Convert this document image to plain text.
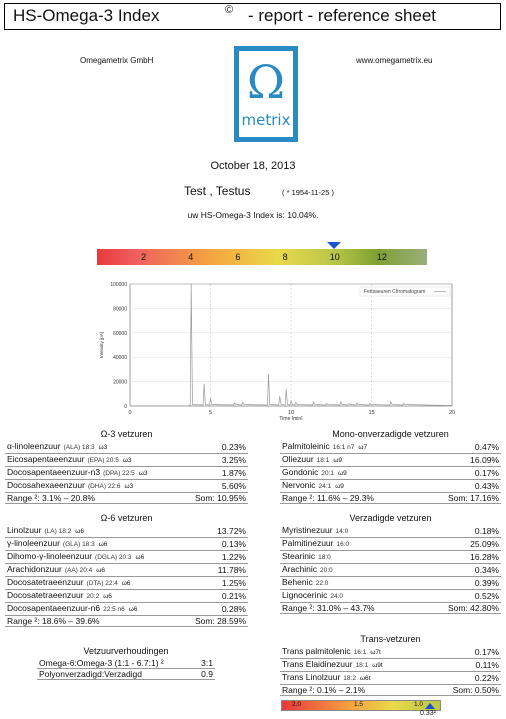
HS-Omega-3 Index	© - report - reference sheet
Omegametrix GmbH	www.omegametrix.eu
Ω
metrix
October 18, 2013
Test , Testus	( * 1954-11-25 )
uw HS-Omega-3 Index is: 10.04%.
2	4	6	8	10	12
0
20000
40000
60000
80000
100000
0	5	10	15	20
Time [min]
Intensity [pA]
Fettsaeuren Chromatogram
Ω-3 vetzuren
α-linoleenzuur (ALA) 18:3 ω3	0.23%
Eicosapentaeenzuur (EPA) 20:5 ω3	3.25%
Docosapentaeenzuur-n3 (DPA) 22:5 ω3	1.87%
Docosahexaeenzuur (DHA) 22:6 ω3	5.60%
Range ²: 3.1% – 20.8%	Som: 10.95%
Mono-onverzadigde vetzuren
Palmitoleinic 16:1 n7 ω7	0.47%
Oliezuur 18:1 ω9	16.09%
Gondonic 20:1 ω9	0.17%
Nervonic 24:1 ω9	0.43%
Range ²: 11.6% – 29.3%	Som: 17.16%
Ω-6 vetzuren
Linolzuur (LA) 18:2 ω6	13.72%
γ-linoleenzuur (GLA) 18:3 ω6	0.13%
Dihomo-γ-linoleenzuur (DGLA) 20:3 ω6	1.22%
Arachidonzuur (AA) 20:4 ω6	11.78%
Docosatetraeenzuur (DTA) 22:4 ω6	1.25%
Docosatetraeenzuur 20:2 ω6	0.21%
Docosapentaeenzuur-n6 22:5 n6 ω6	0.28%
Range ²: 18.6% – 39.6%	Som: 28.59%
Verzadigde vetzuren
Myristinezuur 14:0	0.18%
Palmitinezuur 16:0	25.09%
Stearinic 18:0	16.28%
Arachinic 20:0	0.34%
Behenic 22:0	0.39%
Lignocerinic 24:0	0.52%
Range ²: 31.0% – 43.7%	Som: 42.80%
Vetzuurverhoudingen
Omega-6:Omega-3 (1:1 - 6.7:1) ²	3:1
Polyonverzadigd:Verzadigd	0.9
Trans-vetzuren
Trans palmitolenic 16:1 ω7t	0.17%
Trans Elaidinezuur 18:1 ω9t	0.11%
Trans Linolzuur 18:2 ω6t	0.22%
Range ²: 0.1% – 2.1%	Som: 0.50%
2.0	1.5	1.0
0.33²
